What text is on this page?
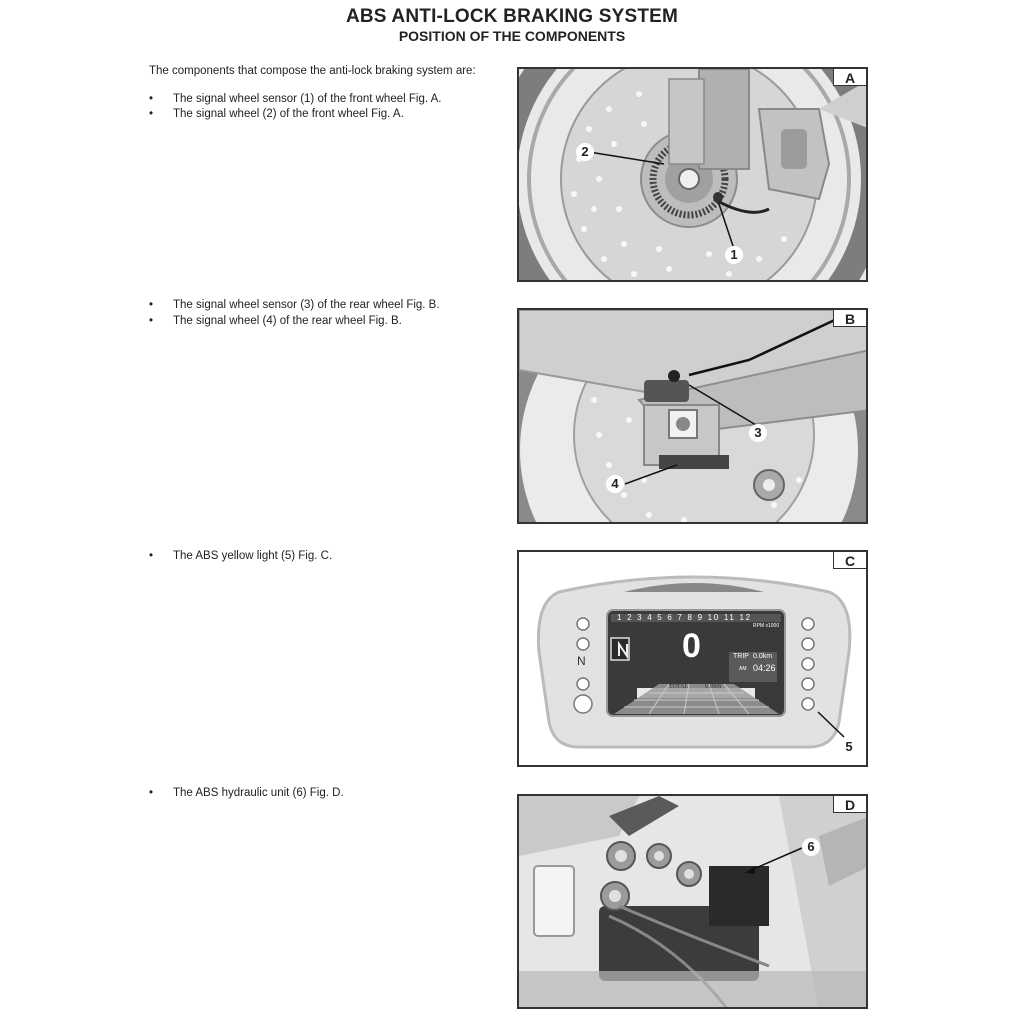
ABS ANTI-LOCK BRAKING SYSTEM
POSITION OF THE COMPONENTS
The components that compose the anti-lock braking system are:
• The signal wheel sensor (1) of the front wheel Fig. A.
• The signal wheel (2) of the front wheel Fig. A.
• The signal wheel sensor (3) of the rear wheel Fig. B.
• The signal wheel (4) of the rear wheel Fig. B.
• The ABS yellow light (5) Fig. C.
• The ABS hydraulic unit (6) Fig. D.
A
2
1
B
3
4
C
1 2 3 4 5 6 7 8 9 10 11 12
RPM x1000
0
N	TRIP 0.0km
AM 04:26
TOTAL	0.0km
5
D
6
